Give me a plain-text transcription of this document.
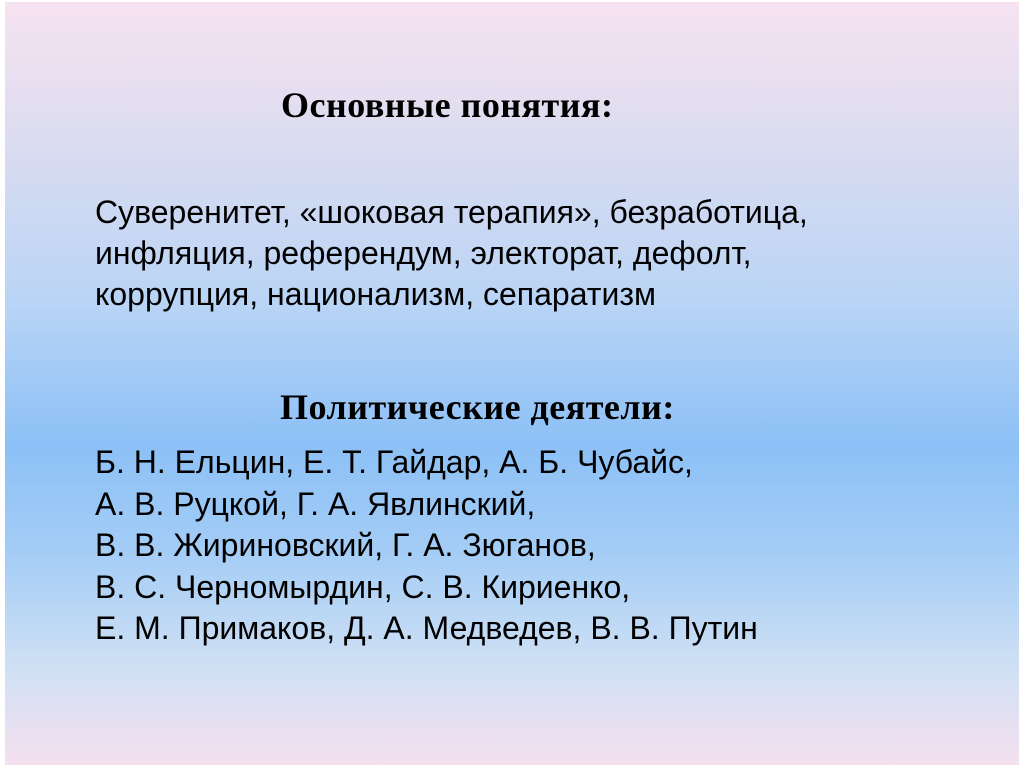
Основные понятия:
Суверенитет, «шоковая терапия», безработица,
инфляция, референдум, электорат, дефолт,
коррупция, национализм, сепаратизм
Политические деятели:
Б. Н. Ельцин, Е. Т. Гайдар, А. Б. Чубайс,
А. В. Руцкой, Г. А. Явлинский,
В. В. Жириновский, Г. А. Зюганов,
В. С. Черномырдин, С. В. Кириенко,
Е. М. Примаков, Д. А. Медведев, В. В. Путин
